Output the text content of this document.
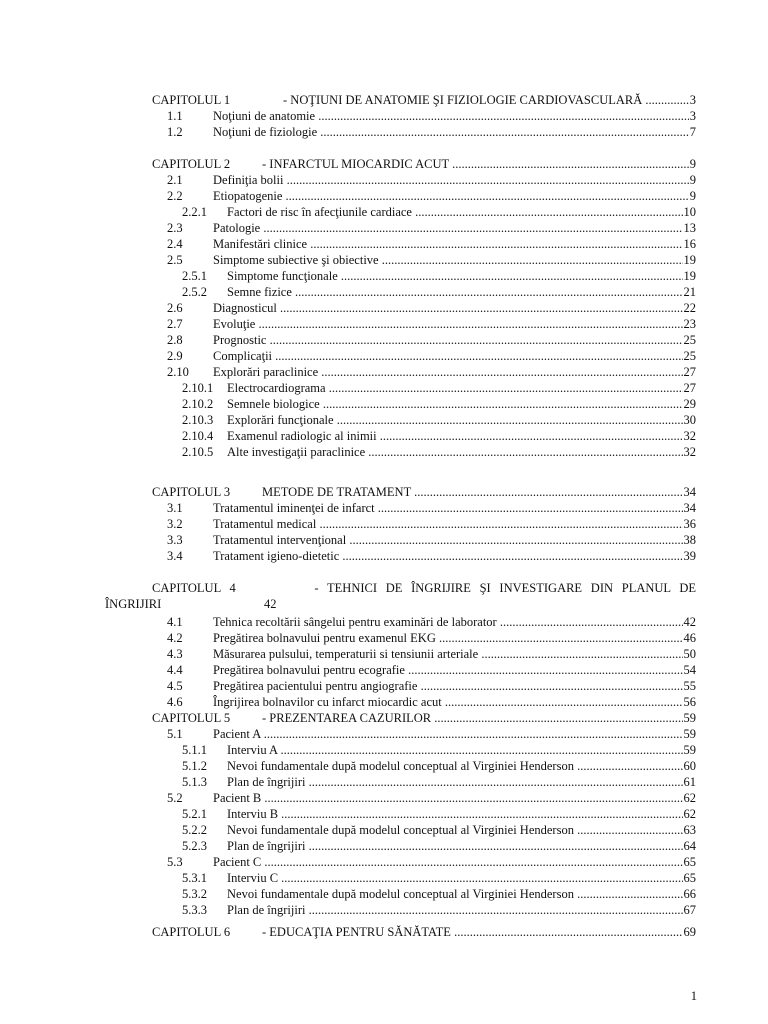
CAPITOLUL 1	- NOŢIUNI DE ANATOMIE ŞI FIZIOLOGIE CARDIOVASCULARĂ .....	3
1.1 Noţiuni de anatomie .....	3
1.2 Noţiuni de fiziologie .....	7
CAPITOLUL 2	- INFARCTUL MIOCARDIC ACUT .....	9
2.1 Definiţia bolii .....	9
2.2 Etiopatogenie .....	9
2.2.1 Factori de risc în afecţiunile cardiace .....	10
2.3 Patologie .....	13
2.4 Manifestări clinice .....	16
2.5 Simptome subiective şi obiective .....	19
2.5.1 Simptome funcţionale .....	19
2.5.2 Semne fizice .....	21
2.6 Diagnosticul .....	22
2.7 Evoluţie .....	23
2.8 Prognostic .....	25
2.9 Complicaţii .....	25
2.10 Explorări paraclinice .....	27
2.10.1 Electrocardiograma .....	27
2.10.2 Semnele biologice .....	29
2.10.3 Explorări funcţionale .....	30
2.10.4 Examenul radiologic al inimii .....	32
2.10.5 Alte investigaţii paraclinice .....	32
CAPITOLUL 3	METODE DE TRATAMENT .....	34
3.1 Tratamentul iminenţei de infarct .....	34
3.2 Tratamentul medical .....	36
3.3 Tratamentul intervenţional .....	38
3.4 Tratament igieno-dietetic .....	39
CAPITOLUL 4	- TEHNICI DE ÎNGRIJIRE ŞI INVESTIGARE DIN PLANUL DE
ÎNGRIJIRI	42
4.1 Tehnica recoltării sângelui pentru examinări de laborator .....	42
4.2 Pregătirea bolnavului pentru examenul EKG .....	46
4.3 Măsurarea pulsului, temperaturii si tensiunii arteriale .....	50
4.4 Pregătirea bolnavului pentru ecografie .....	54
4.5 Pregătirea pacientului pentru angiografie .....	55
4.6 Îngrijirea bolnavilor cu infarct miocardic acut .....	56
CAPITOLUL 5	- PREZENTAREA CAZURILOR .....	59
5.1 Pacient A .....	59
5.1.1 Interviu A .....	59
5.1.2 Nevoi fundamentale după modelul conceptual al Virginiei Henderson .....	60
5.1.3 Plan de îngrijiri .....	61
5.2 Pacient B .....	62
5.2.1 Interviu B .....	62
5.2.2 Nevoi fundamentale după modelul conceptual al Virginiei Henderson .....	63
5.2.3 Plan de îngrijiri .....	64
5.3 Pacient C .....	65
5.3.1 Interviu C .....	65
5.3.2 Nevoi fundamentale după modelul conceptual al Virginiei Henderson .....	66
5.3.3 Plan de îngrijiri .....	67
CAPITOLUL 6	- EDUCAŢIA PENTRU SĂNĂTATE .....	69
1
